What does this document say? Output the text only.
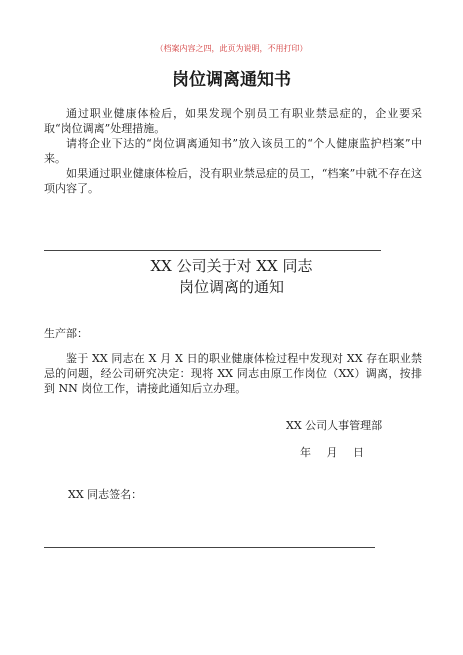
（档案内容之四，此页为说明，不用打印）
岗位调离通知书

通过职业健康体检后，如果发现个别员工有职业禁忌症的，企业要采取“岗位调离”处理措施。

请将企业下达的“岗位调离通知书”放入该员工的“个人健康监护档案”中来。

如果通过职业健康体检后，没有职业禁忌症的员工，“档案”中就不存在这项内容了。

XX 公司关于对 XX 同志
岗位调离的通知
生产部：
鉴于 XX 同志在 X 月 X 日的职业健康体检过程中发现对 XX 存在职业禁忌的问题，经公司研究决定：现将 XX 同志由原工作岗位（XX）调离，按排到 NN 岗位工作，请接此通知后立办理。
XX 公司人事管理部
年 月 日
XX 同志签名：
